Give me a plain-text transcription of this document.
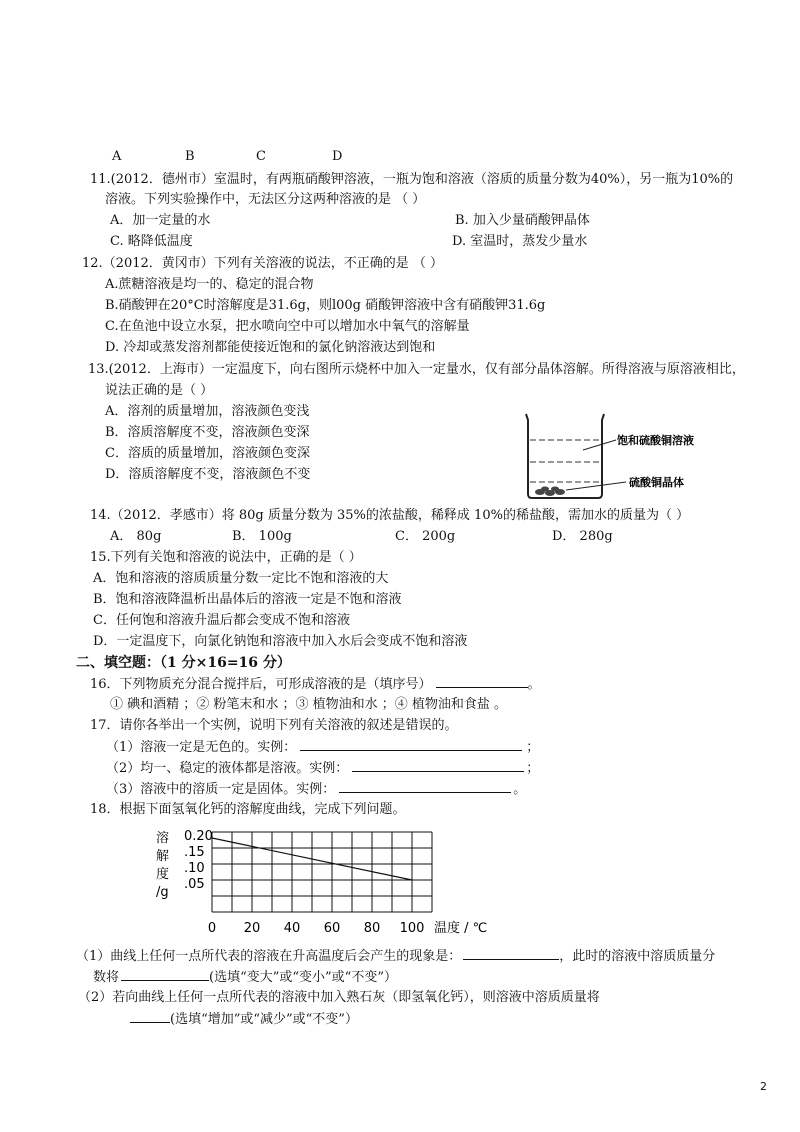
A	B	C	D
11.(2012．德州市）室温时，有两瓶硝酸钾溶液，一瓶为饱和溶液（溶质的质量分数为40%），另一瓶为10%的
溶液。下列实验操作中，无法区分这两种溶液的是 （ ）
A．加一定量的水	B. 加入少量硝酸钾晶体
C. 略降低温度	D. 室温时，蒸发少量水
12.（2012．黄冈市）下列有关溶液的说法，不正确的是 （ ）
A.蔗糖溶液是均一的、稳定的混合物
B.硝酸钾在20°C时溶解度是31.6g，则l00g 硝酸钾溶液中含有硝酸钾31.6g
C.在鱼池中设立水泵，把水喷向空中可以增加水中氧气的溶解量
D. 冷却或蒸发溶剂都能使接近饱和的氯化钠溶液达到饱和
13.(2012．上海市）一定温度下，向右图所示烧杯中加入一定量水，仅有部分晶体溶解。所得溶液与原溶液相比，
说法正确的是（ ）
A．溶剂的质量增加，溶液颜色变浅
B．溶质溶解度不变，溶液颜色变深
C．溶质的质量增加，溶液颜色变深
D．溶质溶解度不变，溶液颜色不变
饱和硫酸铜溶液
硫酸铜晶体
14.（2012．孝感市）将 80g 质量分数为 35%的浓盐酸，稀释成 10%的稀盐酸，需加水的质量为（ ）
A． 80g	B． 100g	C． 200g	D． 280g
15.下列有关饱和溶液的说法中，正确的是（ ）
A．饱和溶液的溶质质量分数一定比不饱和溶液的大
B．饱和溶液降温析出晶体后的溶液一定是不饱和溶液
C．任何饱和溶液升温后都会变成不饱和溶液
D．一定温度下，向氯化钠饱和溶液中加入水后会变成不饱和溶液
二、填空题：（1 分×16=16 分）
16．下列物质充分混合搅拌后，可形成溶液的是（填序号）	。
① 碘和酒精 ；② 粉笔末和水 ；③ 植物油和水 ；④ 植物油和食盐 。
17．请你各举出一个实例，说明下列有关溶液的叙述是错误的。
（1）溶液一定是无色的。实例：	；
（2）均一、稳定的液体都是溶液。实例：	；
（3）溶液中的溶质一定是固体。实例：	。
18．根据下面氢氧化钙的溶解度曲线，完成下列问题。
溶
解
度
/g
0.20
.15
.10
.05
0 20 40 60 80 100 温度 / ℃
（1）曲线上任何一点所代表的溶液在升高温度后会产生的现象是：	，此时的溶液中溶质质量分
数将	(选填“变大”或“变小”或“不变”）
（2）若向曲线上任何一点所代表的溶液中加入熟石灰（即氢氧化钙），则溶液中溶质质量将
(选填“增加”或“减少”或“不变”）
2
